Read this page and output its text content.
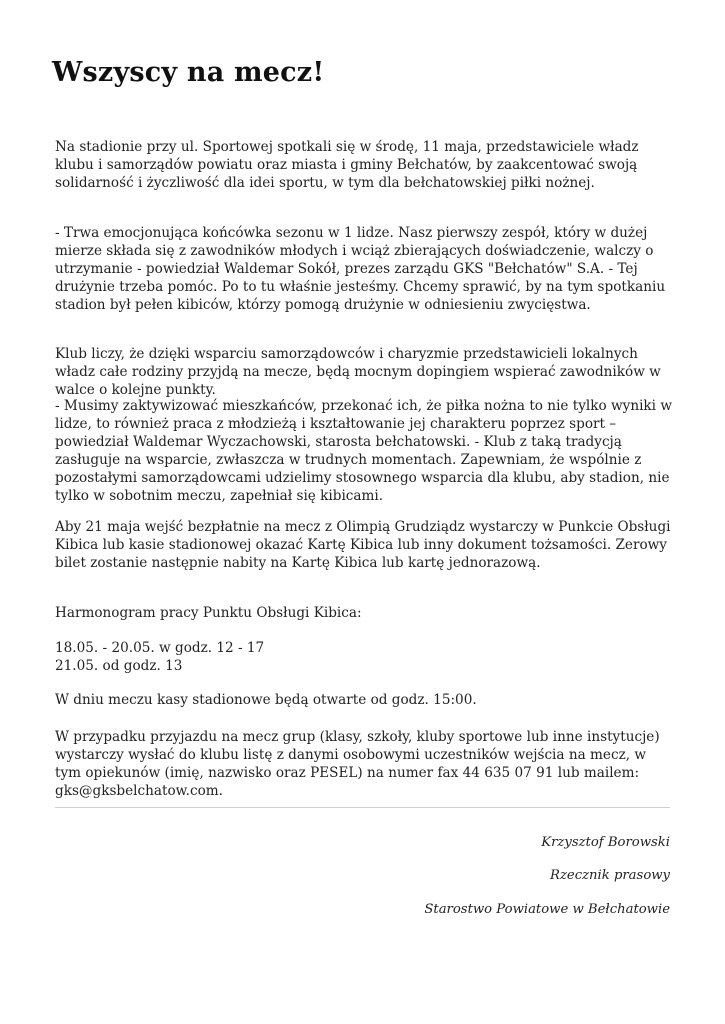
Wszyscy na mecz!

Na stadionie przy ul. Sportowej spotkali się w środę, 11 maja, przedstawiciele władz klubu i samorządów powiatu oraz miasta i gminy Bełchatów, by zaakcentować swoją solidarność i życzliwość dla idei sportu, w tym dla bełchatowskiej piłki nożnej.

- Trwa emocjonująca końcówka sezonu w 1 lidze. Nasz pierwszy zespół, który w dużej mierze składa się z zawodników młodych i wciąż zbierających doświadczenie, walczy o utrzymanie - powiedział Waldemar Sokół, prezes zarządu GKS "Bełchatów" S.A. - Tej drużynie trzeba pomóc. Po to tu właśnie jesteśmy. Chcemy sprawić, by na tym spotkaniu stadion był pełen kibiców, którzy pomogą drużynie w odniesieniu zwycięstwa.

Klub liczy, że dzięki wsparciu samorządowców i charyzmie przedstawicieli lokalnych władz całe rodziny przyjdą na mecze, będą mocnym dopingiem wspierać zawodników w walce o kolejne punkty.

- Musimy zaktywizować mieszkańców, przekonać ich, że piłka nożna to nie tylko wyniki w lidze, to również praca z młodzieżą i kształtowanie jej charakteru poprzez sport – powiedział Waldemar Wyczachowski, starosta bełchatowski. - Klub z taką tradycją zasługuje na wsparcie, zwłaszcza w trudnych momentach. Zapewniam, że wspólnie z pozostałymi samorządowcami udzielimy stosownego wsparcia dla klubu, aby stadion, nie tylko w sobotnim meczu, zapełniał się kibicami.

Aby 21 maja wejść bezpłatnie na mecz z Olimpią Grudziądz wystarczy w Punkcie Obsługi Kibica lub kasie stadionowej okazać Kartę Kibica lub inny dokument tożsamości. Zerowy bilet zostanie następnie nabity na Kartę Kibica lub kartę jednorazową.

Harmonogram pracy Punktu Obsługi Kibica:

18.05. - 20.05. w godz. 12 - 17

21.05. od godz. 13

W dniu meczu kasy stadionowe będą otwarte od godz. 15:00.

W przypadku przyjazdu na mecz grup (klasy, szkoły, kluby sportowe lub inne instytucje) wystarczy wysłać do klubu listę z danymi osobowymi uczestników wejścia na mecz, w tym opiekunów (imię, nazwisko oraz PESEL) na numer fax 44 635 07 91 lub mailem: gks@gksbelchatow.com.

Krzysztof Borowski
Rzecznik prasowy
Starostwo Powiatowe w Bełchatowie
